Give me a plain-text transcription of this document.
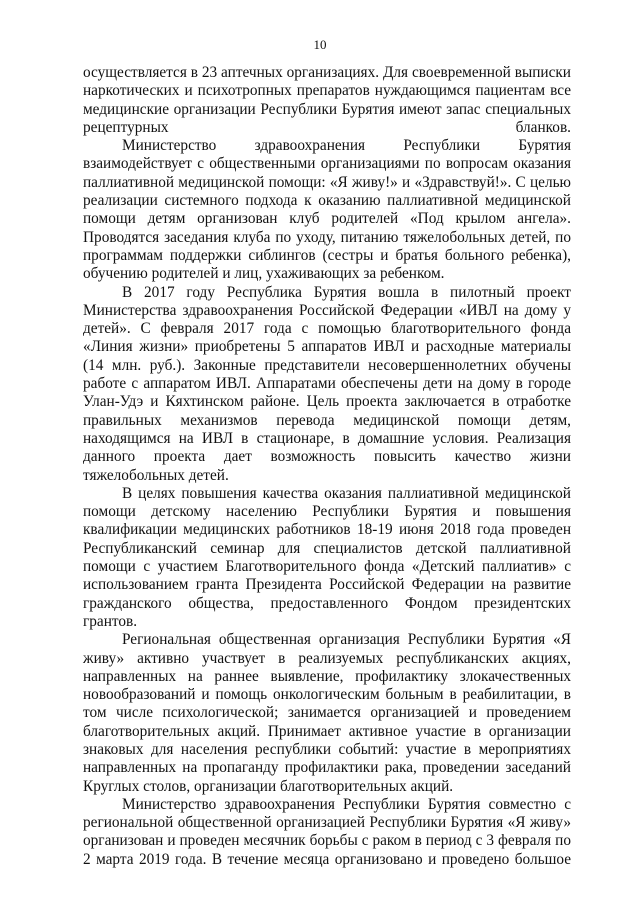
10

осуществляется в 23 аптечных организациях. Для своевременной выписки наркотических и психотропных препаратов нуждающимся пациентам все медицинские организации Республики Бурятия имеют запас специальных рецептурных бланков.

Министерство здравоохранения Республики Бурятия взаимодействует с общественными организациями по вопросам оказания паллиативной медицинской помощи: «Я живу!» и «Здравствуй!». С целью реализации системного подхода к оказанию паллиативной медицинской помощи детям организован клуб родителей «Под крылом ангела». Проводятся заседания клуба по уходу, питанию тяжелобольных детей, по программам поддержки сиблингов (сестры и братья больного ребенка), обучению родителей и лиц, ухаживающих за ребенком.

В 2017 году Республика Бурятия вошла в пилотный проект Министерства здравоохранения Российской Федерации «ИВЛ на дому у детей». С февраля 2017 года с помощью благотворительного фонда «Линия жизни» приобретены 5 аппаратов ИВЛ и расходные материалы

(14 млн. руб.). Законные представители несовершеннолетних обучены работе с аппаратом ИВЛ. Аппаратами обеспечены дети на дому в городе Улан-Удэ и Кяхтинском районе. Цель проекта заключается в отработке правильных механизмов перевода медицинской помощи детям, находящимся на ИВЛ в стационаре, в домашние условия. Реализация данного проекта дает возможность повысить качество жизни тяжелобольных детей.

В целях повышения качества оказания паллиативной медицинской помощи детскому населению Республики Бурятия и повышения квалификации медицинских работников 18-19 июня 2018 года проведен Республиканский семинар для специалистов детской паллиативной помощи с участием Благотворительного фонда «Детский паллиатив» с использованием гранта Президента Российской Федерации на развитие гражданского общества, предоставленного Фондом президентских грантов.

Региональная общественная организация Республики Бурятия «Я живу» активно участвует в реализуемых республиканских акциях, направленных на раннее выявление, профилактику злокачественных новообразований и помощь онкологическим больным в реабилитации, в том числе психологической; занимается организацией и проведением благотворительных акций. Принимает активное участие в организации знаковых для населения республики событий: участие в мероприятиях направленных на пропаганду профилактики рака, проведении заседаний Круглых столов, организации благотворительных акций.

Министерство здравоохранения Республики Бурятия совместно с региональной общественной организацией Республики Бурятия «Я живу» организован и проведен месячник борьбы с раком в период с 3 февраля по 2 марта 2019 года. В течение месяца организовано и проведено большое
